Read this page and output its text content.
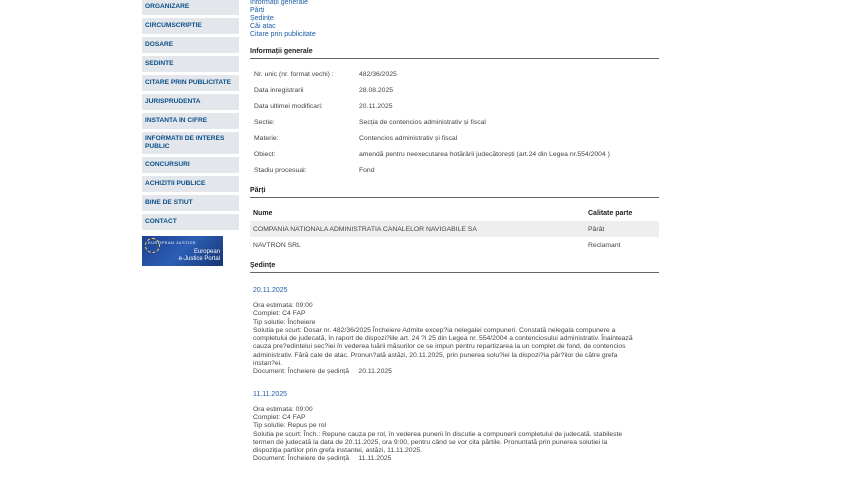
ORGANIZARE
CIRCUMSCRIPTIE
DOSARE
SEDINTE
CITARE PRIN PUBLICITATE
JURISPRUDENTA
INSTANTA IN CIFRE
INFORMATII DE INTERES PUBLIC
CONCURSURI
ACHIZITII PUBLICE
BINE DE STIUT
CONTACT
EUROPEAN JUSTICE
European
e-Justice Portal
Informații generale
Părți
Ședințe
Căi atac
Citare prin publicitate
Informații generale
Nr. unic (nr. format vechi) :	482/36/2025
Data inregistrarii	28.08.2025
Data ultimei modificari:	20.11.2025
Sectie:	Secția de contencios administrativ și fiscal
Materie:	Contencios administrativ și fiscal
Obiect:	amendă pentru neexecutarea hotărârii judecătorești (art.24 din Legea nr.554/2004 )
Stadiu procesual:	Fond
Părți
Nume	Calitate parte
COMPANIA NATIONALA ADMINISTRATIA CANALELOR NAVIGABILE SA	Pârât
NAVTRON SRL	Reclamant
Ședințe
20.11.2025
Ora estimata: 09:00
Complet: C4 FAP
Tip solutie: Încheiere
Solutia pe scurt: Dosar nr. 482/36/2025 Încheiere Admite excep?ia nelegalei compuneri. Constată nelegala compunere a
completului de judecată, în raport de dispozi?iile art. 24 ?i 25 din Legea nr. 554/2004 a contenciosului administrativ. Înaintează
cauza pre?edintelui sec?iei în vederea luării măsurilor ce se impun pentru repartizarea la un complet de fond, de contencios
administrativ. Fără cale de atac. Pronun?ată astăzi, 20.11.2025, prin punerea solu?iei la dispozi?ia păr?ilor de către grefa
instan?ei.
Document: Încheiere de ședință     20.11.2025
11.11.2025
Ora estimata: 09:00
Complet: C4 FAP
Tip solutie: Repus pe rol
Solutia pe scurt: Înch.: Repune cauza pe rol, în vederea punerii în discutie a compunerii completului de judecată. stabileste
termen de judecată la data de 20.11.2025, ora 9:00, pentru când se vor cita părtile. Pronuntată prin punerea solutiei la
dispoziția partilor prin grefa instantei, astăzi, 11.11.2025.
Document: Încheiere de ședință     11.11.2025
